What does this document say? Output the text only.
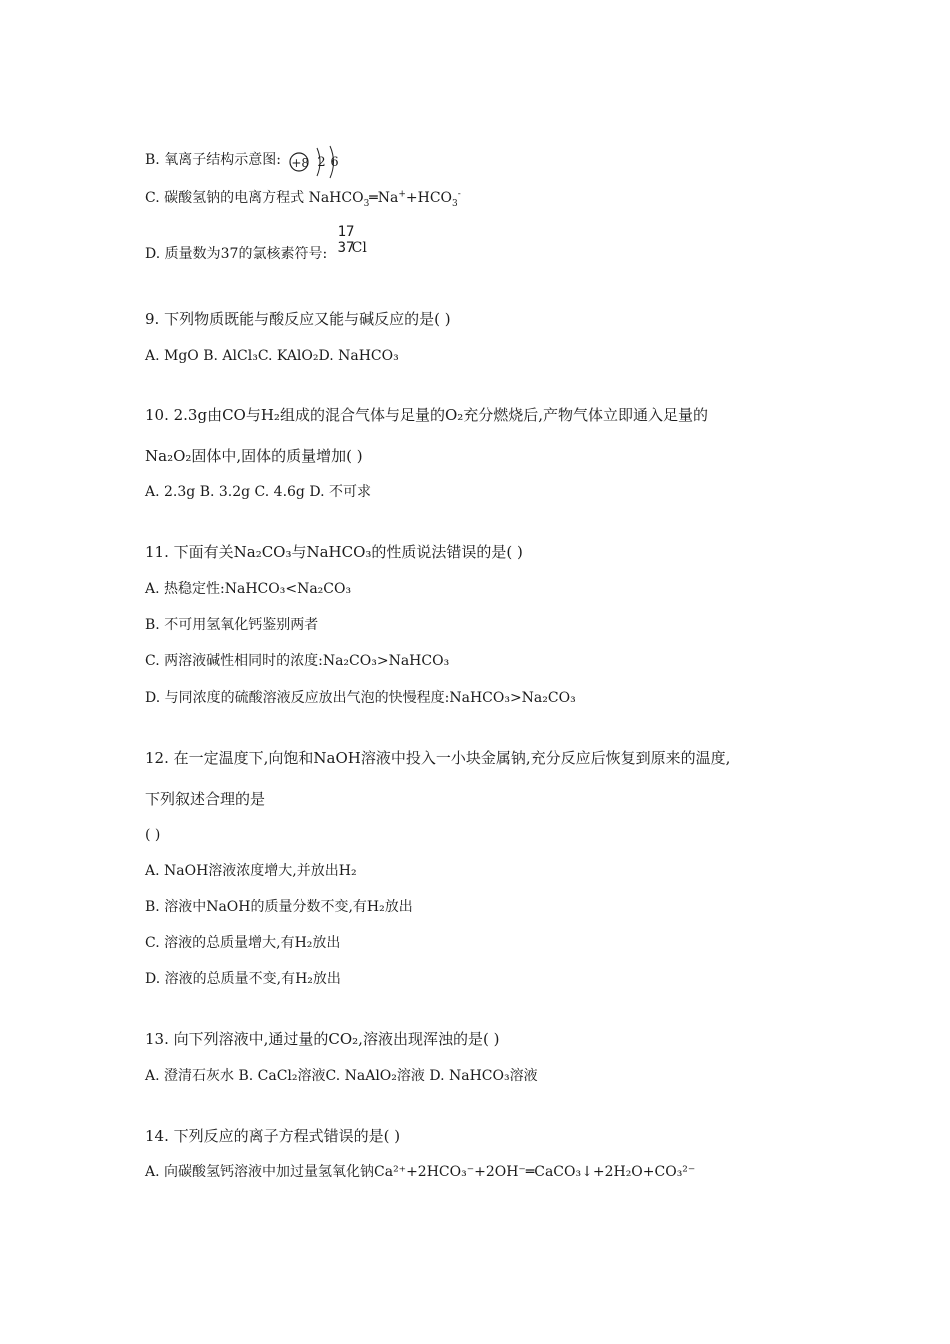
B. 氧离子结构示意图: +8 2 6
C. 碳酸氢钠的电离方程式 $NaHCO_3═Na^++HCO_3^-$
D. 质量数为37的氯核素符号:
17
37
Cl
9. 下列物质既能与酸反应又能与碱反应的是( )
A. MgO B. AlCl₃C. KAlO₂D. NaHCO₃
10. 2.3g由CO与H₂组成的混合气体与足量的O₂充分燃烧后,产物气体立即通入足量的
Na₂O₂固体中,固体的质量增加( )
A. 2.3g B. 3.2g C. 4.6g D. 不可求
11. 下面有关Na₂CO₃与NaHCO₃的性质说法错误的是( )
A. 热稳定性:NaHCO₃<Na₂CO₃
B. 不可用氢氧化钙鉴别两者
C. 两溶液碱性相同时的浓度:Na₂CO₃>NaHCO₃
D. 与同浓度的硫酸溶液反应放出气泡的快慢程度:NaHCO₃>Na₂CO₃
12. 在一定温度下,向饱和NaOH溶液中投入一小块金属钠,充分反应后恢复到原来的温度,
下列叙述合理的是
( )
A. NaOH溶液浓度增大,并放出H₂
B. 溶液中NaOH的质量分数不变,有H₂放出
C. 溶液的总质量增大,有H₂放出
D. 溶液的总质量不变,有H₂放出
13. 向下列溶液中,通过量的CO₂,溶液出现浑浊的是( )
A. 澄清石灰水 B. CaCl₂溶液C. NaAlO₂溶液 D. NaHCO₃溶液
14. 下列反应的离子方程式错误的是( )
A. 向碳酸氢钙溶液中加过量氢氧化钠Ca²⁺+2HCO₃⁻+2OH⁻═CaCO₃↓+2H₂O+CO₃²⁻
